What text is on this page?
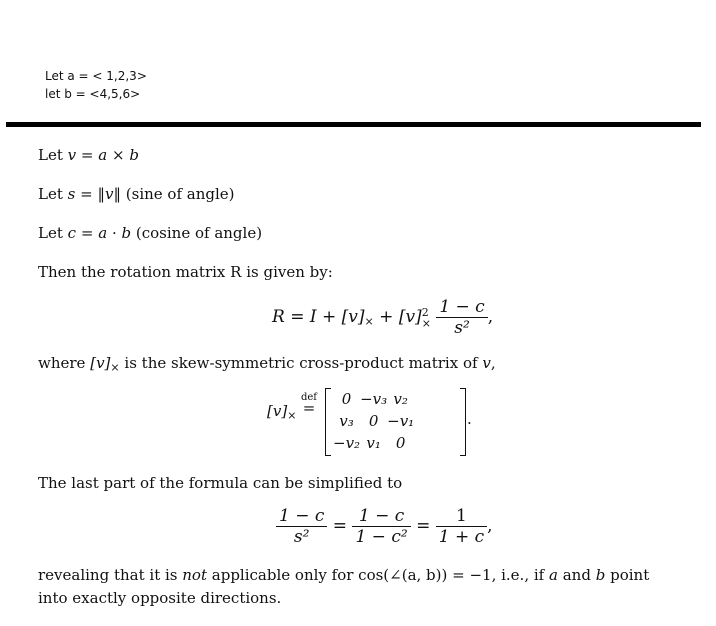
Let a = < 1,2,3>
let b = <4,5,6>
Let v = a × b
Let s = ‖v‖ (sine of angle)
Let c = a · b (cosine of angle)
Then the rotation matrix R is given by:
$R = I + [v]_\times + [v]$ 2
×
$\frac{1 - c}{\text{s²}}$ ,
where $[v]_\times$ is the skew-symmetric cross-product matrix of v,
$[v]_\times$
def
=	0	−v₃	v₂
v₃	0	−v₁
−v₂	v₁	0
.
The last part of the formula can be simplified to
$\frac{1 - c}{\text{s²}} = \frac{1 - c}{\text{1 − c²}} = \frac{1}{1 + c}$ ,
revealing that it is not applicable only for cos(∠(a, b)) = −1, i.e., if a and b point into exactly opposite directions.
